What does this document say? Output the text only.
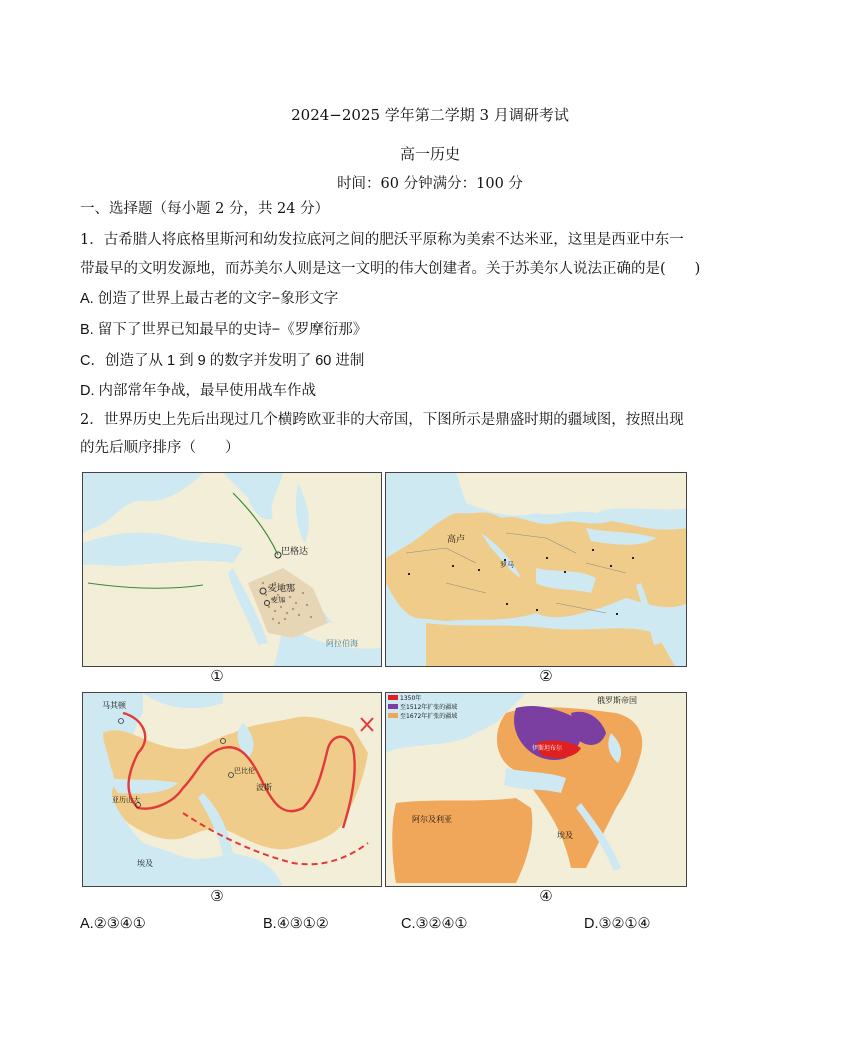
2024−2025 学年第二学期 3 月调研考试
高一历史
时间：60 分钟满分：100 分
一、选择题（每小题 2 分，共 24 分）
1．古希腊人将底格里斯河和幼发拉底河之间的肥沃平原称为美索不达米亚，这里是西亚中东一
带最早的文明发源地，而苏美尔人则是这一文明的伟大创建者。关于苏美尔人说法正确的是(　　)
A. 创造了世界上最古老的文字−象形文字
B. 留下了世界已知最早的史诗−《罗摩衍那》
C．创造了从 1 到 9 的数字并发明了 60 进制
D. 内部常年争战，最早使用战车作战
2．世界历史上先后出现过几个横跨欧亚非的大帝国，下图所示是鼎盛时期的疆域图，按照出现
的先后顺序排序（　　）
①
巴格达
麦地那
麦加
阿拉伯海
②
高卢
罗马
③
马其顿
亚历山大
巴比伦
波斯
埃及
④
俄罗斯帝国
1350年
至1512年扩张的疆域
至1672年扩张的疆域
阿尔及利亚
埃及
伊斯坦布尔
A.②③④①	B.④③①②	C.③②④①	D.③②①④
